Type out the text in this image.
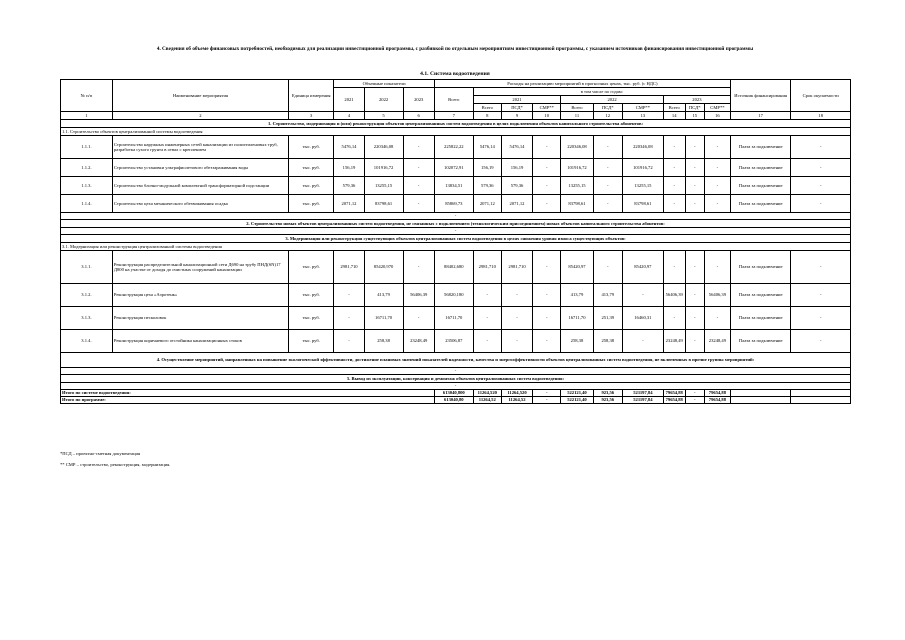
4. Сведения об объеме финансовых потребностей, необходимых для реализации инвестиционной программы, с разбивкой по отдельным мероприятиям инвестиционной программы, с указанием источников финансирования инвестиционной программы
4.1. Система водоотведения
№ п/п	Наименование мероприятия	Единица измерения	Объемные показатели			Расходы на реализацию мероприятий в прогнозных ценах, тыс. руб. (с НДС)										Источник финансирования	Срок окупаемости
			2021	2022	2023	Всего	в том числе по годам:										
							2021			2022			2023				
							Всего	ПСД*	СМР**	Всего	ПСД*	СМР**	Всего	ПСД*	СМР**		
1	2	3	4	5	6	7	8	9	10	11	12	13	14	15	16	17	18
1. Строительство, модернизация и (или) реконструкция объектов централизованных систем водоотведения в целях подключения объектов капитального строительства абонентов:																	
1.1. Строительство объектов централизованной системы водоотведения																	
1.1.1.	Строительство наружных инженерных сетей канализации из полиэтиленовых труб, разработка сухого грунта в отвал с креплением	тыс. руб.	5476,14	220346,08	-	225822,22	5476,14	5476,14	-	220346,08	-	220346,08	-	-	-	Плата за подключение	-
1.1.2.	Строительство установки ультрафиолетового обеззараживания воды	тыс. руб.	156,19	101916,72	-	102072,91	156,19	156,19	-	101916,72	-	101916,72	-	-	-	Плата за подключение	-
1.1.3.	Строительство блочно-модульной комплектной трансформаторной подстанции	тыс. руб.	579,36	13255,15	-	13834,51	579,36	579,36	-	13255,15	-	13255,15	-	-	-	Плата за подключение	-
1.1.4.	Строительство цеха механического обезвоживания осадка	тыс. руб.	2071,12	83798,61	-	85869,73	2071,12	2071,12	-	83798,61	-	83798,61	-	-	-	Плата за подключение	-
-																	
2. Строительство новых объектов централизованных систем водоотведения, не связанных с подключением (технологическим присоединением) новых объектов капитального строительства абонентов:																	
-																	
3. Модернизация или реконструкция существующих объектов централизованных систем водоотведения в целях снижения уровня износа существующих объектов:																	
3.1. Модернизация или реконструкция централизованной системы водоотведения																	
3.1.1.	Реконструкция распределительной канализационной сети Д690 на трубу ПНД(SN)17 Д800 на участке от доходя до очистных сооружений канализации	тыс. руб.	2981,710	85420,970	-	88402,680	2981,710	2981,710	-	85420,97	-	85420,97	-	-	-	Плата за подключение	-
3.1.2.	Реконструкция цеха «Аэротенк»	тыс. руб.	-	413,79	56406,39	56820,180	-	-	-	413,79	413,79	-	56406,39	-	56406,39	Плата за подключение	-
3.1.3.	Реконструкция песколовок	тыс. руб.	-	16711,70	-	16711,70	-	-	-	16711,70	251,39	16460,31	-	-	-	Плата за подключение	-
3.1.4.	Реконструкция коричневого отстойника канализационных стоков	тыс. руб.	-	258,38	23248,49	23506,87	-	-	-	258,38	258,38	-	23248,49	-	23248,49	Плата за подключение	-
4. Осуществление мероприятий, направленных на повышение экологической эффективности, достижение плановых значений показателей надежности, качества и энергоэффективности объектов централизованных систем водоотведения, не включенных в прочие группы мероприятий:																	
-																	
5. Вывод из эксплуатации, консервация и демонтаж объектов централизованных систем водоотведения:																	
-																	
Итого по системе водоотведения:						613040,800	11264,520	11264,520	-	522121,40	923,56	521197,84	79654,88	-	79654,88		
Итого по программе:						613040,80	11264,52	11264,52	-	522121,40	923,56	521197,84	79654,88	-	79654,88		
*ПСД – проектно-сметная документация
** СМР – строительство, реконструкция, модернизация.
